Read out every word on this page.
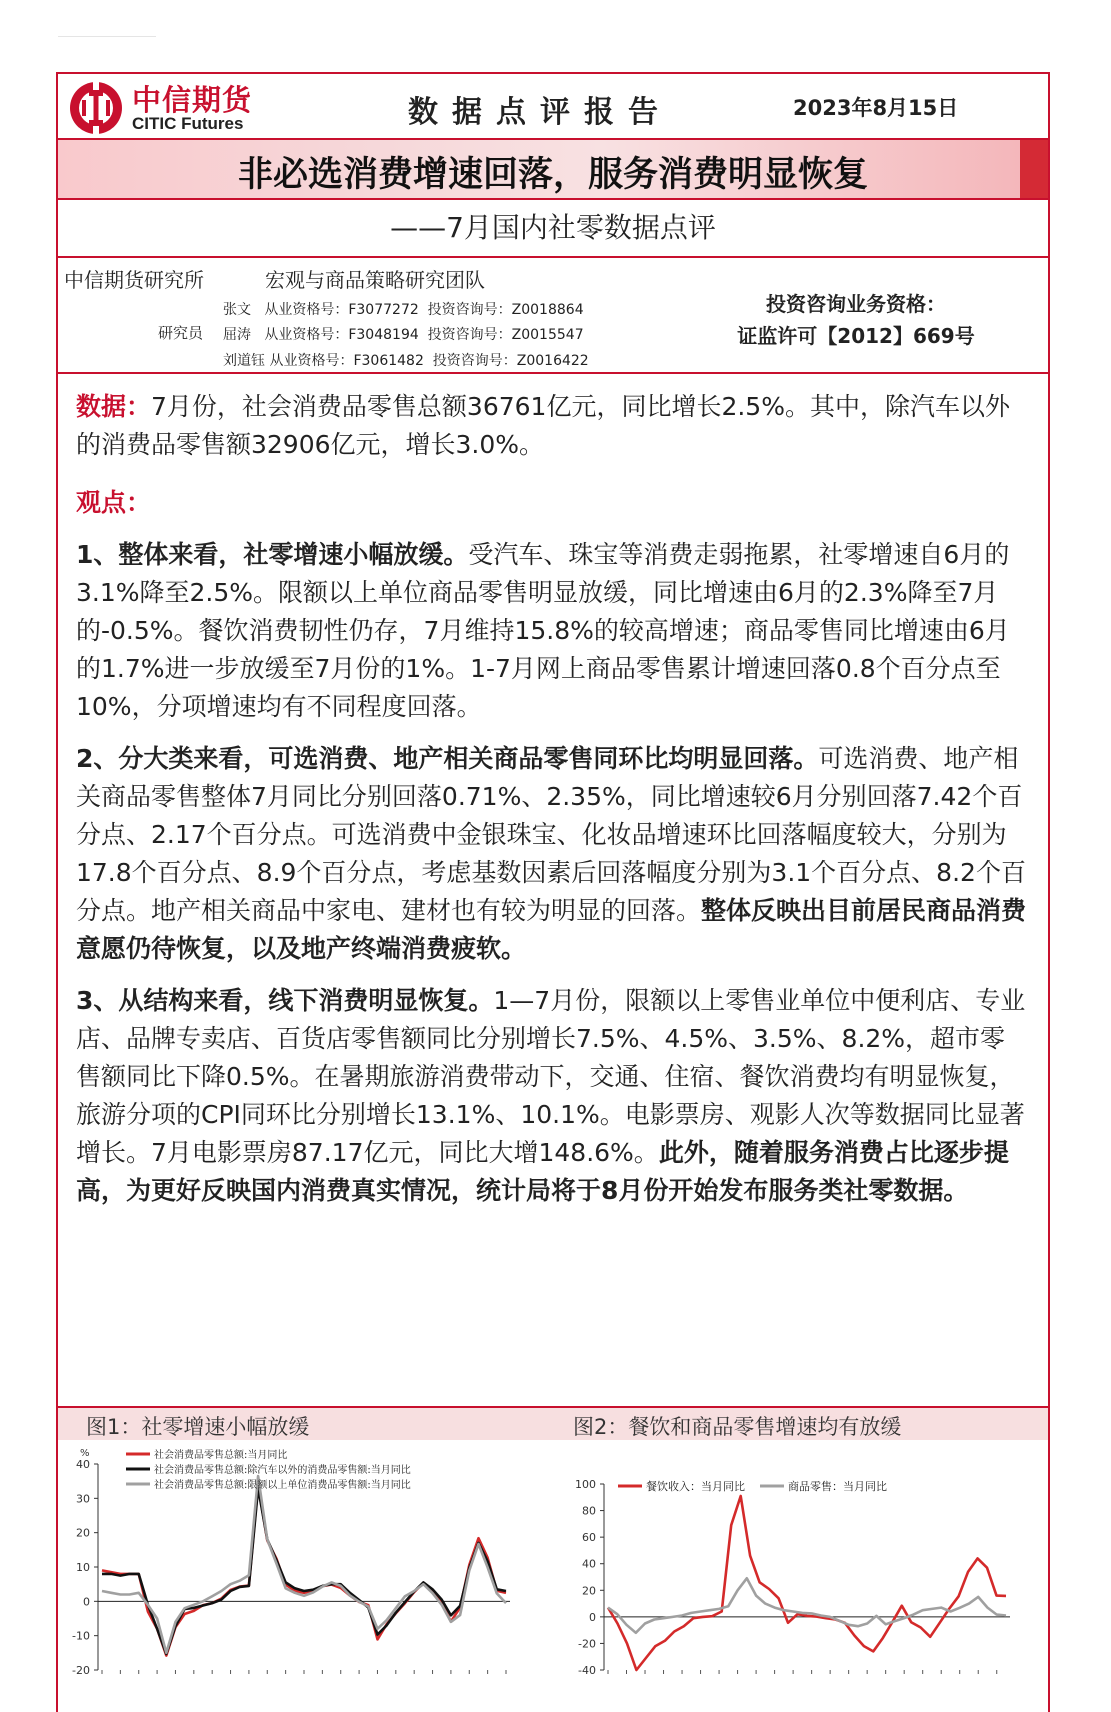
中信期货
CITIC Futures	数据点评报告	2023年8月15日
非必选消费增速回落，服务消费明显恢复
——7月国内社零数据点评
中信期货研究所	宏观与商品策略研究团队
研究员
张文   从业资格号：F3077272  投资咨询号：Z0018864
屈涛   从业资格号：F3048194  投资咨询号：Z0015547
刘道钰 从业资格号：F3061482  投资咨询号：Z0016422
投资咨询业务资格：
证监许可【2012】669号

数据：7月份，社会消费品零售总额36761亿元，同比增长2.5%。其中，除汽车以外的消费品零售额32906亿元，增长3.0%。

观点：

1、整体来看，社零增速小幅放缓。受汽车、珠宝等消费走弱拖累，社零增速自6月的3.1%降至2.5%。限额以上单位商品零售明显放缓，同比增速由6月的2.3%降至7月的-0.5%。餐饮消费韧性仍存，7月维持15.8%的较高增速；商品零售同比增速由6月的1.7%进一步放缓至7月份的1%。1-7月网上商品零售累计增速回落0.8个百分点至10%，分项增速均有不同程度回落。

2、分大类来看，可选消费、地产相关商品零售同环比均明显回落。可选消费、地产相关商品零售整体7月同比分别回落0.71%、2.35%，同比增速较6月分别回落7.42个百分点、2.17个百分点。可选消费中金银珠宝、化妆品增速环比回落幅度较大，分别为17.8个百分点、8.9个百分点，考虑基数因素后回落幅度分别为3.1个百分点、8.2个百分点。地产相关商品中家电、建材也有较为明显的回落。整体反映出目前居民商品消费意愿仍待恢复，以及地产终端消费疲软。

3、从结构来看，线下消费明显恢复。1—7月份，限额以上零售业单位中便利店、专业店、品牌专卖店、百货店零售额同比分别增长7.5%、4.5%、3.5%、8.2%，超市零售额同比下降0.5%。在暑期旅游消费带动下，交通、住宿、餐饮消费均有明显恢复，旅游分项的CPI同环比分别增长13.1%、10.1%。电影票房、观影人次等数据同比显著增长。7月电影票房87.17亿元，同比大增148.6%。此外，随着服务消费占比逐步提高，为更好反映国内消费真实情况，统计局将于8月份开始发布服务类社零数据。

图1：社零增速小幅放缓	图2：餐饮和商品零售增速均有放缓
%
40
30
20
10
0
-10
-20
社会消费品零售总额:当月同比
社会消费品零售总额:除汽车以外的消费品零售额:当月同比
社会消费品零售总额:限额以上单位消费品零售额:当月同比	100
80
60
40
20
0
-20
-40
餐饮收入：当月同比	商品零售：当月同比
